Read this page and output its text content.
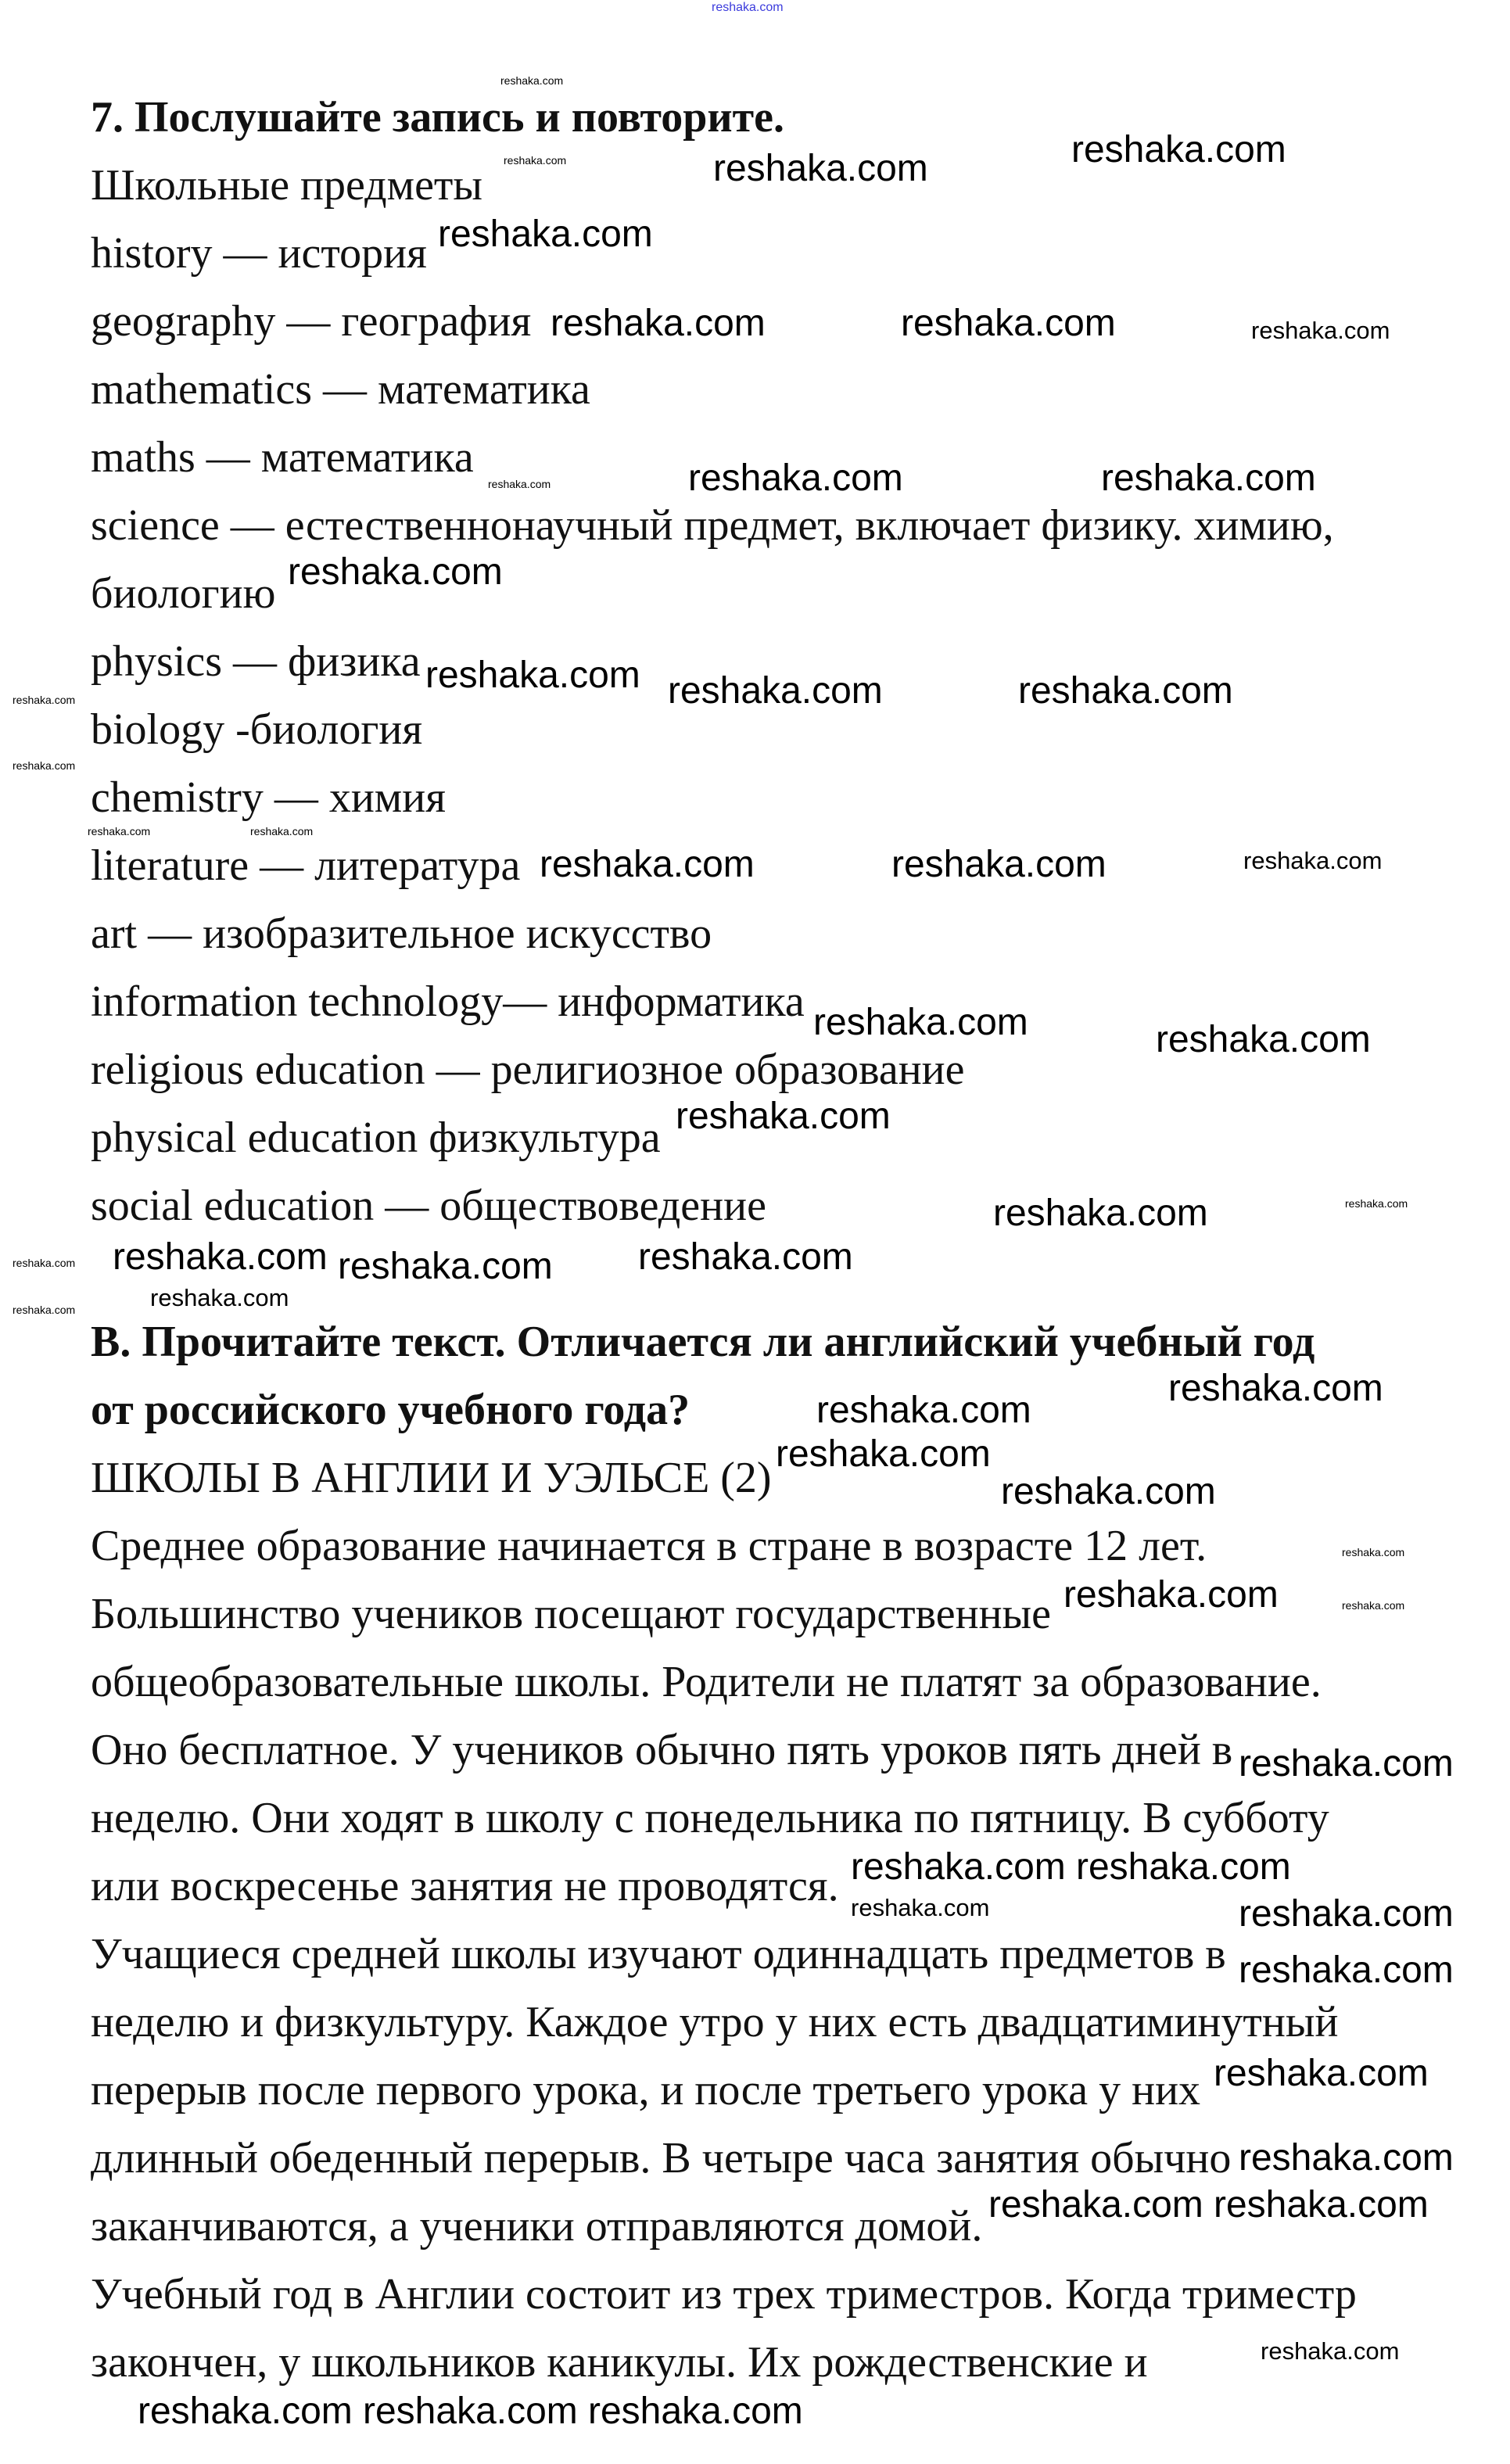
7. Послушайте запись и повторите.
Школьные предметы
history — история
geography — география
mathematics — математика
maths — математика
science — естественнонаучный предмет, включает физику. химию,
биологию
physics — физика
biology -биология
chemistry — химия
literature — литература
art — изобразительное искусство
information technology— информатика
religious education — религиозное образование
physical education физкультура
social education — обществоведение
В. Прочитайте текст. Отличается ли английский учебный год
от российского учебного года?
ШКОЛЫ В АНГЛИИ И УЭЛЬСЕ (2)
Среднее образование начинается в стране в возрасте 12 лет.
Большинство учеников посещают государственные
общеобразовательные школы. Родители не платят за образование.
Оно бесплатное. У учеников обычно пять уроков пять дней в
неделю. Они ходят в школу с понедельника по пятницу. В субботу
или воскресенье занятия не проводятся.
Учащиеся средней школы изучают одиннадцать предметов в
неделю и физкультуру. Каждое утро у них есть двадцатиминутный
перерыв после первого урока, и после третьего урока у них
длинный обеденный перерыв. В четыре часа занятия обычно
заканчиваются, а ученики отправляются домой.
Учебный год в Англии состоит из трех триместров. Когда триместр
закончен, у школьников каникулы. Их рождественские и
reshaka.com
reshaka.com	reshaka.com
reshaka.com
reshaka.com	reshaka.com
reshaka.com
reshaka.com	reshaka.com
reshaka.com reshaka.com	reshaka.com
reshaka.com	reshaka.com
reshaka.com
reshaka.com
reshaka.com	reshaka.com
reshaka.com
reshaka.com
reshaka.com
reshaka.com
reshaka.com
reshaka.com
reshaka.com
reshaka.com
reshaka.com
reshaka.com
reshaka.com
reshaka.com
reshaka.com
reshaka.com
reshaka.com
reshaka.com reshaka.com
reshaka.com
reshaka.com reshaka.com
reshaka.com
reshaka.com
reshaka.com
reshaka.com
reshaka.com
reshaka.com
reshaka.com
reshaka.com
reshaka.com
reshaka.com
reshaka.com	reshaka.com
reshaka.com
reshaka.com
reshaka.com
reshaka.com
reshaka.com
